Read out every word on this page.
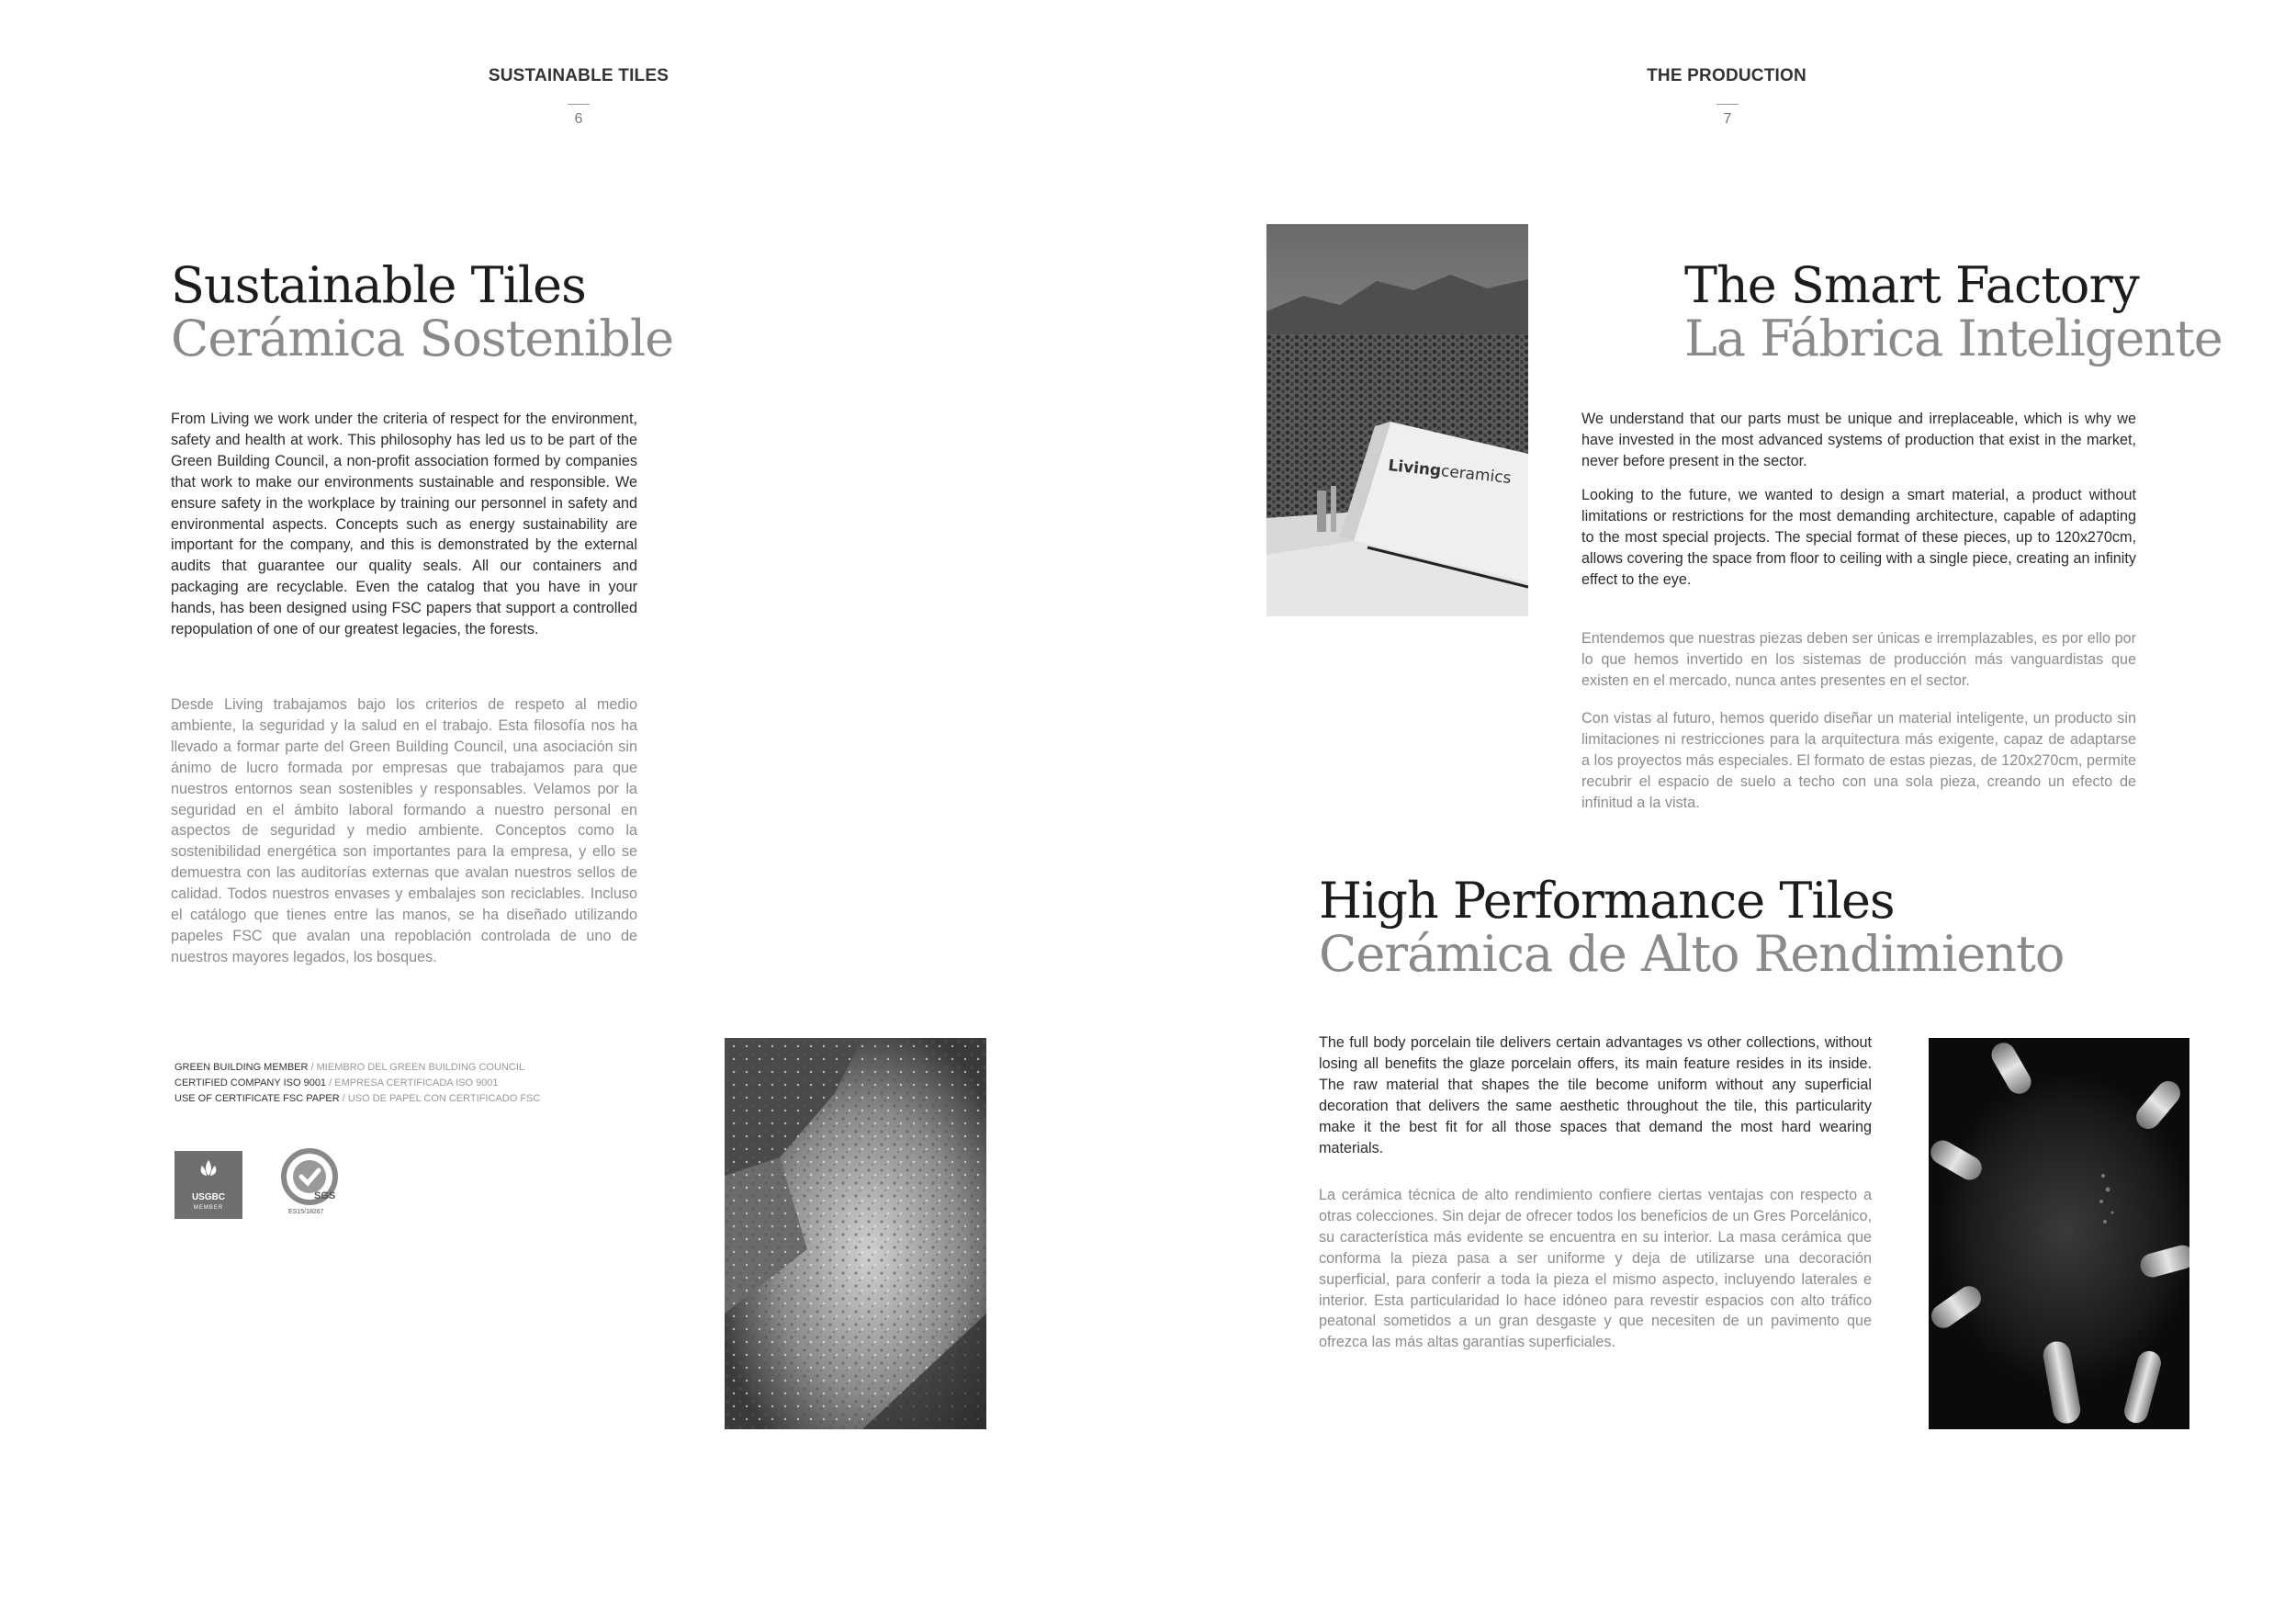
SUSTAINABLE TILES
6
Sustainable Tiles
Cerámica Sostenible
From Living we work under the criteria of respect for the environment, safety and health at work. This philosophy has led us to be part of the Green Building Council, a non-profit association formed by companies that work to make our environments sustainable and responsible. We ensure safety in the workplace by training our personnel in safety and environmental aspects. Concepts such as energy sustainability are important for the company, and this is demonstrated by the external audits that guarantee our quality seals. All our containers and packaging are recyclable. Even the catalog that you have in your hands, has been designed using FSC papers that support a controlled repopulation of one of our greatest legacies, the forests.
Desde Living trabajamos bajo los criterios de respeto al medio ambiente, la seguridad y la salud en el trabajo. Esta filosofía nos ha llevado a formar parte del Green Building Council, una asociación sin ánimo de lucro formada por empresas que trabajamos para que nuestros entornos sean sostenibles y responsables. Velamos por la seguridad en el ámbito laboral formando a nuestro personal en aspectos de seguridad y medio ambiente. Conceptos como la sostenibilidad energética son importantes para la empresa, y ello se demuestra con las auditorías externas que avalan nuestros sellos de calidad. Todos nuestros envases y embalajes son reciclables. Incluso el catálogo que tienes entre las manos, se ha diseñado utilizando papeles FSC que avalan una repoblación controlada de uno de nuestros mayores legados, los bosques.
GREEN BUILDING MEMBER / MIEMBRO DEL GREEN BUILDING COUNCIL
CERTIFIED COMPANY ISO 9001 / EMPRESA CERTIFICADA ISO 9001
USE OF CERTIFICATE FSC PAPER / USO DE PAPEL CON CERTIFICADO FSC
USGBC
MEMBER
SGS
ES15/18267
THE PRODUCTION
7
Livingceramics
The Smart Factory
La Fábrica Inteligente
We understand that our parts must be unique and irreplaceable, which is why we have invested in the most advanced systems of production that exist in the market, never before present in the sector.
Looking to the future, we wanted to design a smart material, a product without limitations or restrictions for the most demanding architecture, capable of adapting to the most special projects. The special format of these pieces, up to 120x270cm, allows covering the space from floor to ceiling with a single piece, creating an infinity effect to the eye.
Entendemos que nuestras piezas deben ser únicas e irremplazables, es por ello por lo que hemos invertido en los sistemas de producción más vanguardistas que existen en el mercado, nunca antes presentes en el sector.
Con vistas al futuro, hemos querido diseñar un material inteligente, un producto sin limitaciones ni restricciones para la arquitectura más exigente, capaz de adaptarse a los proyectos más especiales. El formato de estas piezas, de 120x270cm, permite recubrir el espacio de suelo a techo con una sola pieza, creando un efecto de infinitud a la vista.
High Performance Tiles
Cerámica de Alto Rendimiento
The full body porcelain tile delivers certain advantages vs other collections, without losing all benefits the glaze porcelain offers, its main feature resides in its inside. The raw material that shapes the tile become uniform without any superficial decoration that delivers the same aesthetic throughout the tile, this particularity make it the best fit for all those spaces that demand the most hard wearing materials.
La cerámica técnica de alto rendimiento confiere ciertas ventajas con respecto a otras colecciones. Sin dejar de ofrecer todos los beneficios de un Gres Porcelánico, su característica más evidente se encuentra en su interior. La masa cerámica que conforma la pieza pasa a ser uniforme y deja de utilizarse una decoración superficial, para conferir a toda la pieza el mismo aspecto, incluyendo laterales e interior. Esta particularidad lo hace idóneo para revestir espacios con alto tráfico peatonal sometidos a un gran desgaste y que necesiten de un pavimento que ofrezca las más altas garantías superficiales.
